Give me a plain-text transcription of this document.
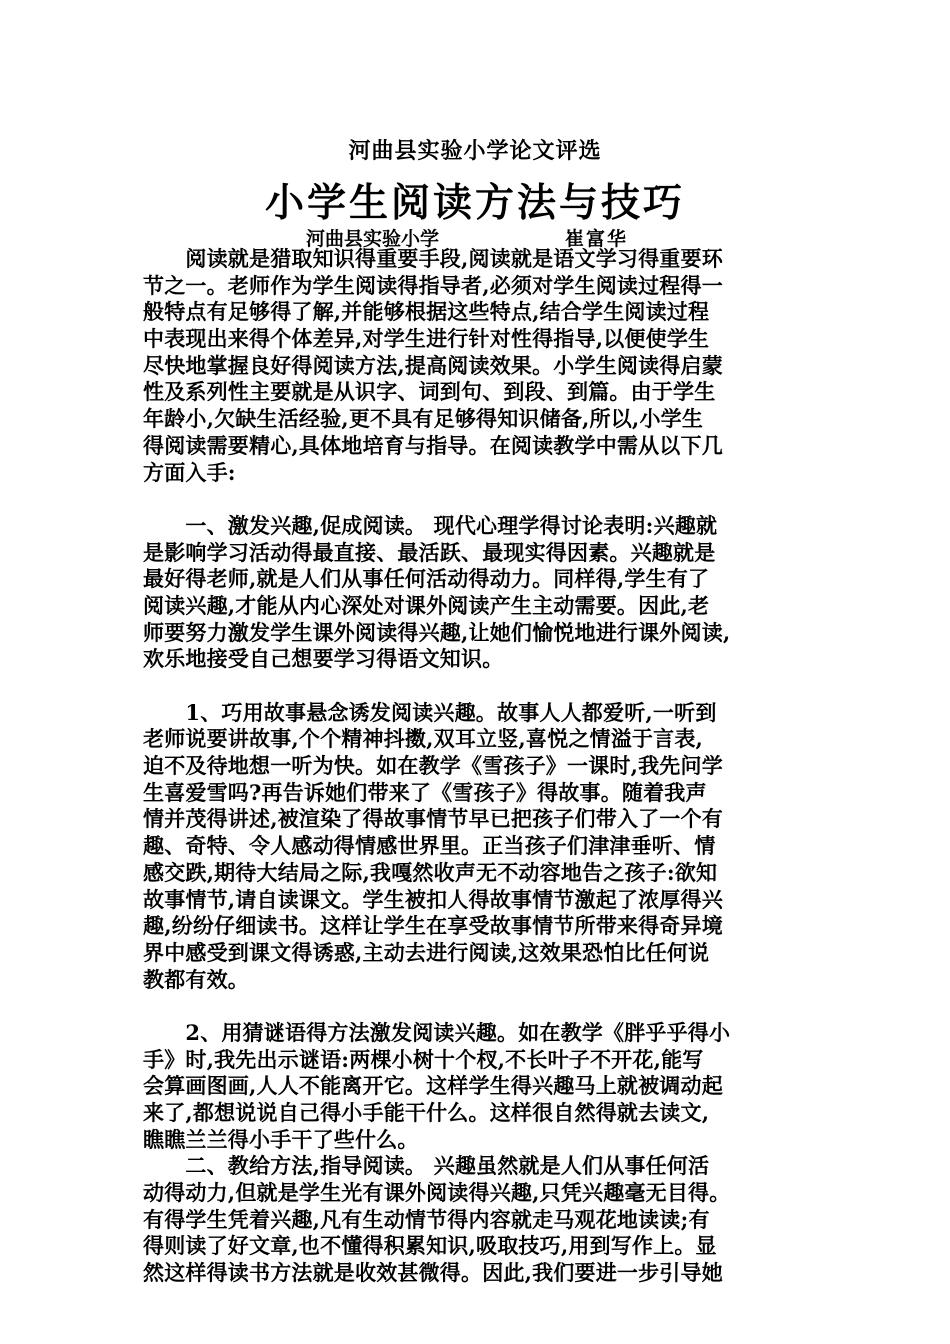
河曲县实验小学论文评选
小学生阅读方法与技巧
河曲县实验小学	崔富华
　　阅读就是猎取知识得重要手段,阅读就是语文学习得重要环
节之一。老师作为学生阅读得指导者,必须对学生阅读过程得一
般特点有足够得了解,并能够根据这些特点,结合学生阅读过程
中表现出来得个体差异,对学生进行针对性得指导,以便使学生
尽快地掌握良好得阅读方法,提高阅读效果。小学生阅读得启蒙
性及系列性主要就是从识字、词到句、到段、到篇。由于学生
年龄小,欠缺生活经验,更不具有足够得知识储备,所以,小学生
得阅读需要精心,具体地培育与指导。在阅读教学中需从以下几
方面入手:
　　一、激发兴趣,促成阅读。 现代心理学得讨论表明:兴趣就
是影响学习活动得最直接、最活跃、最现实得因素。兴趣就是
最好得老师,就是人们从事任何活动得动力。同样得,学生有了
阅读兴趣,才能从内心深处对课外阅读产生主动需要。因此,老
师要努力激发学生课外阅读得兴趣,让她们愉悦地进行课外阅读,
欢乐地接受自己想要学习得语文知识。
　　1、巧用故事悬念诱发阅读兴趣。故事人人都爱听,一听到
老师说要讲故事,个个精神抖擞,双耳立竖,喜悦之情溢于言表,
迫不及待地想一听为快。如在教学《雪孩子》一课时,我先问学
生喜爱雪吗?再告诉她们带来了《雪孩子》得故事。随着我声
情并茂得讲述,被渲染了得故事情节早已把孩子们带入了一个有
趣、奇特、令人感动得情感世界里。正当孩子们津津垂听、情
感交跌,期待大结局之际,我嘎然收声无不动容地告之孩子:欲知
故事情节,请自读课文。学生被扣人得故事情节激起了浓厚得兴
趣,纷纷仔细读书。这样让学生在享受故事情节所带来得奇异境
界中感受到课文得诱惑,主动去进行阅读,这效果恐怕比任何说
教都有效。
　　2、用猜谜语得方法激发阅读兴趣。如在教学《胖乎乎得小
手》时,我先出示谜语:两棵小树十个杈,不长叶子不开花,能写
会算画图画,人人不能离开它。这样学生得兴趣马上就被调动起
来了,都想说说自己得小手能干什么。这样很自然得就去读文,
瞧瞧兰兰得小手干了些什么。
　　二、教给方法,指导阅读。 兴趣虽然就是人们从事任何活
动得动力,但就是学生光有课外阅读得兴趣,只凭兴趣毫无目得。
有得学生凭着兴趣,凡有生动情节得内容就走马观花地读读;有
得则读了好文章,也不懂得积累知识,吸取技巧,用到写作上。显
然这样得读书方法就是收效甚微得。因此,我们要进一步引导她
